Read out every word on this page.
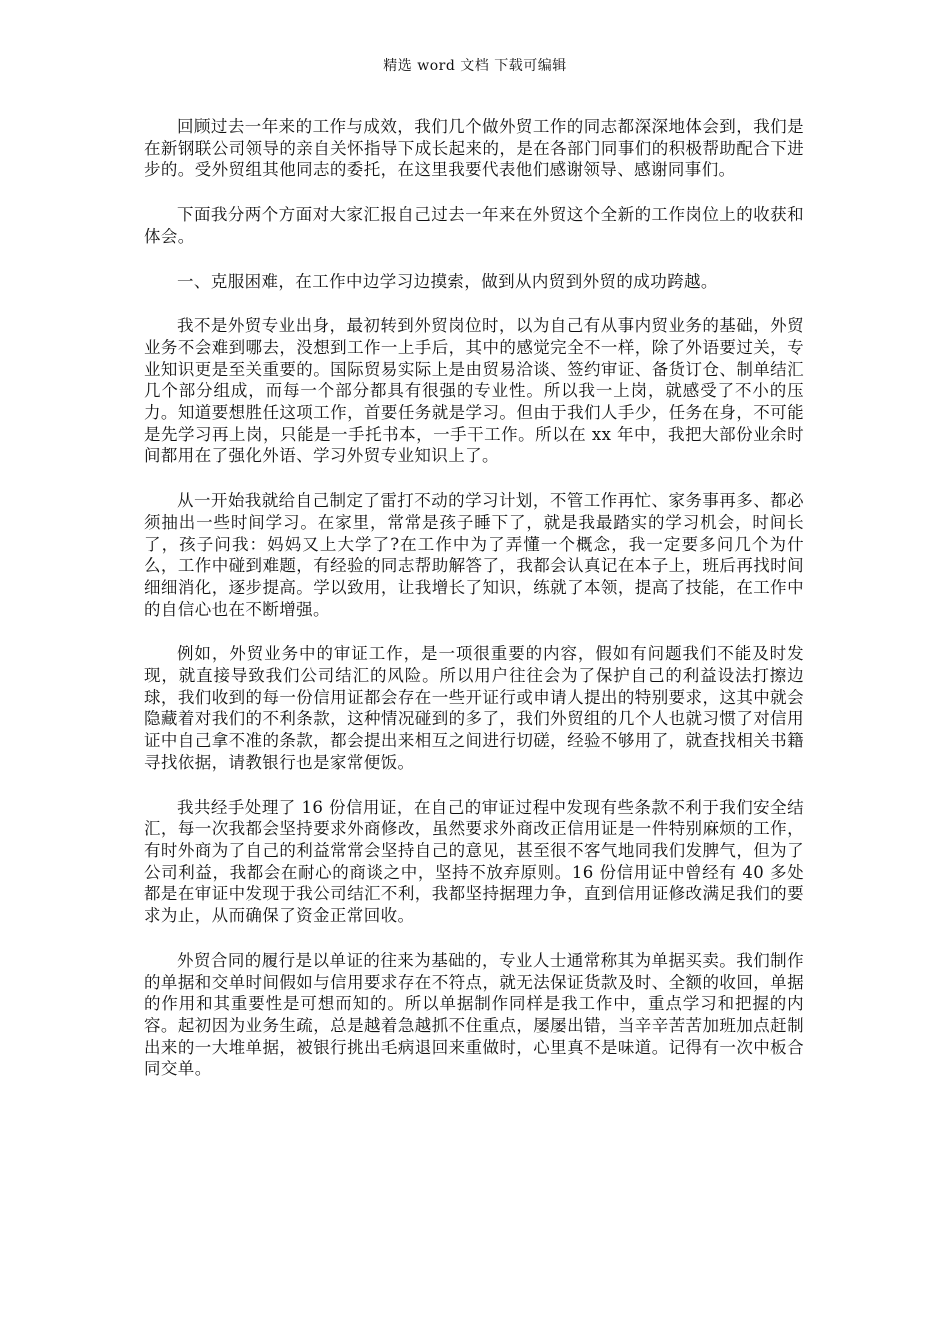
精选 word 文档 下载可编辑

回顾过去一年来的工作与成效，我们几个做外贸工作的同志都深深地体会到，我们是在新钢联公司领导的亲自关怀指导下成长起来的，是在各部门同事们的积极帮助配合下进步的。受外贸组其他同志的委托，在这里我要代表他们感谢领导、感谢同事们。

下面我分两个方面对大家汇报自己过去一年来在外贸这个全新的工作岗位上的收获和体会。

一、克服困难，在工作中边学习边摸索，做到从内贸到外贸的成功跨越。

我不是外贸专业出身，最初转到外贸岗位时，以为自己有从事内贸业务的基础，外贸业务不会难到哪去，没想到工作一上手后，其中的感觉完全不一样，除了外语要过关，专业知识更是至关重要的。国际贸易实际上是由贸易洽谈、签约审证、备货订仓、制单结汇几个部分组成，而每一个部分都具有很强的专业性。所以我一上岗，就感受了不小的压力。知道要想胜任这项工作，首要任务就是学习。但由于我们人手少，任务在身，不可能是先学习再上岗，只能是一手托书本，一手干工作。所以在 xx 年中，我把大部份业余时间都用在了强化外语、学习外贸专业知识上了。

从一开始我就给自己制定了雷打不动的学习计划，不管工作再忙、家务事再多、都必须抽出一些时间学习。在家里，常常是孩子睡下了，就是我最踏实的学习机会，时间长了，孩子问我：妈妈又上大学了?在工作中为了弄懂一个概念，我一定要多问几个为什么，工作中碰到难题，有经验的同志帮助解答了，我都会认真记在本子上，班后再找时间细细消化，逐步提高。学以致用，让我增长了知识，练就了本领，提高了技能，在工作中的自信心也在不断增强。

例如，外贸业务中的审证工作，是一项很重要的内容，假如有问题我们不能及时发现，就直接导致我们公司结汇的风险。所以用户往往会为了保护自己的利益设法打擦边球，我们收到的每一份信用证都会存在一些开证行或申请人提出的特别要求，这其中就会隐藏着对我们的不利条款，这种情况碰到的多了，我们外贸组的几个人也就习惯了对信用证中自己拿不准的条款，都会提出来相互之间进行切磋，经验不够用了，就查找相关书籍寻找依据，请教银行也是家常便饭。

我共经手处理了 16 份信用证，在自己的审证过程中发现有些条款不利于我们安全结汇，每一次我都会坚持要求外商修改，虽然要求外商改正信用证是一件特别麻烦的工作，有时外商为了自己的利益常常会坚持自己的意见，甚至很不客气地同我们发脾气，但为了公司利益，我都会在耐心的商谈之中，坚持不放弃原则。16 份信用证中曾经有 40 多处都是在审证中发现于我公司结汇不利，我都坚持据理力争，直到信用证修改满足我们的要求为止，从而确保了资金正常回收。

外贸合同的履行是以单证的往来为基础的，专业人士通常称其为单据买卖。我们制作的单据和交单时间假如与信用要求存在不符点，就无法保证货款及时、全额的收回，单据的作用和其重要性是可想而知的。所以单据制作同样是我工作中，重点学习和把握的内容。起初因为业务生疏，总是越着急越抓不住重点，屡屡出错，当辛辛苦苦加班加点赶制出来的一大堆单据，被银行挑出毛病退回来重做时，心里真不是味道。记得有一次中板合同交单。
